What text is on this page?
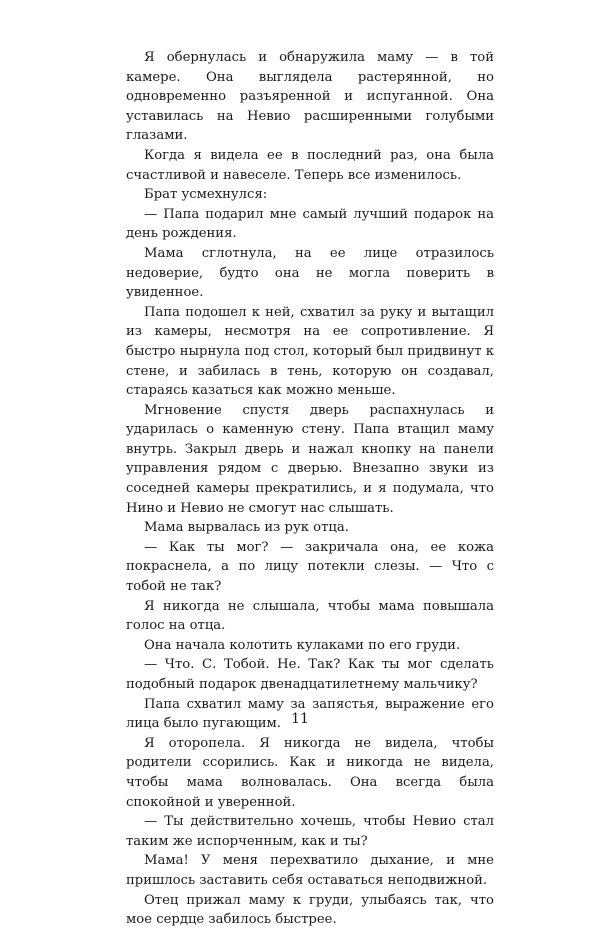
Я обернулась и обнаружила маму — в той камере. Она выглядела растерянной, но одновременно разъяренной и испуганной. Она уставилась на Невио расширенными голубыми глазами.

Когда я видела ее в последний раз, она была счастливой и навеселе. Теперь все изменилось.

Брат усмехнулся:

— Папа подарил мне самый лучший подарок на день рождения.

Мама сглотнула, на ее лице отразилось недоверие, будто она не могла поверить в увиденное.

Папа подошел к ней, схватил за руку и вытащил из камеры, несмотря на ее сопротивление. Я быстро нырнула под стол, который был придвинут к стене, и забилась в тень, которую он создавал, стараясь казаться как можно меньше.

Мгновение спустя дверь распахнулась и ударилась о каменную стену. Папа втащил маму внутрь. Закрыл дверь и нажал кнопку на панели управления рядом с дверью. Внезапно звуки из соседней камеры прекратились, и я подумала, что Нино и Невио не смогут нас слышать.

Мама вырвалась из рук отца.

— Как ты мог? — закричала она, ее кожа покраснела, а по лицу потекли слезы. — Что с тобой не так?

Я никогда не слышала, чтобы мама повышала голос на отца.

Она начала колотить кулаками по его груди.

— Что. С. Тобой. Не. Так? Как ты мог сделать подобный подарок двенадцатилетнему мальчику?

Папа схватил маму за запястья, выражение его лица было пугающим.

Я оторопела. Я никогда не видела, чтобы родители ссорились. Как и никогда не видела, чтобы мама волновалась. Она всегда была спокойной и уверенной.

— Ты действительно хочешь, чтобы Невио стал таким же испорченным, как и ты?

Мама! У меня перехватило дыхание, и мне пришлось заставить себя оставаться неподвижной.

Отец прижал маму к груди, улыбаясь так, что мое сердце забилось быстрее.

11
